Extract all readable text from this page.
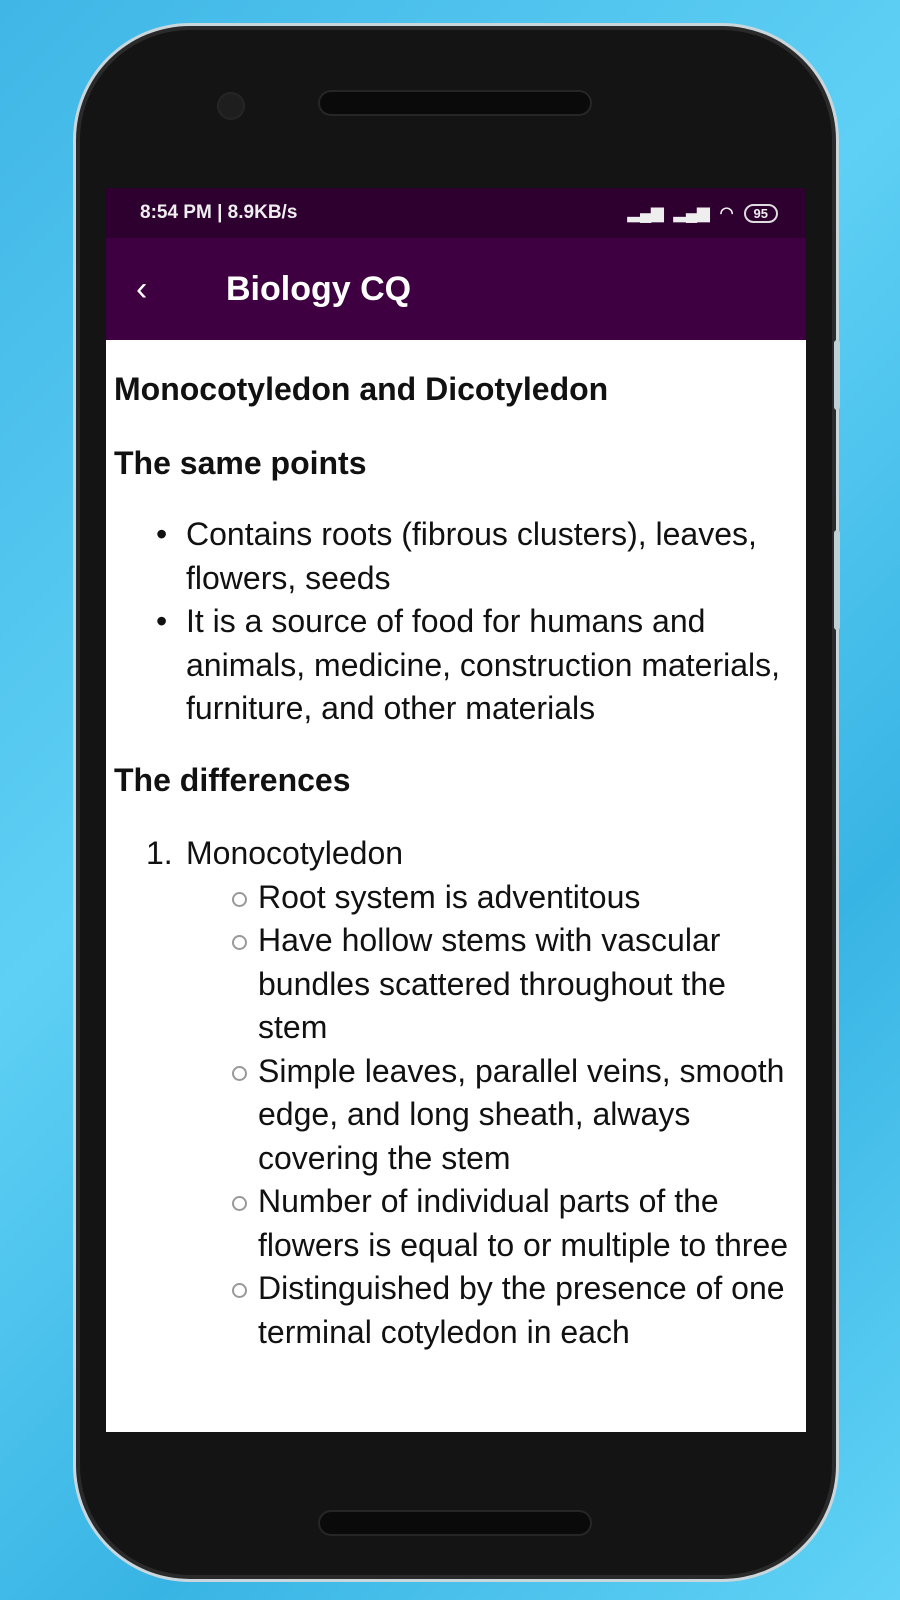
8:54 PM | 8.9KB/s	▂▄▆ ▂▄▆ ◠	95
‹	Biology CQ
Monocotyledon and Dicotyledon
The same points
• Contains roots (fibrous clusters), leaves, flowers, seeds
• It is a source of food for humans and animals, medicine, construction materials, furniture, and other materials
The differences
1. Monocotyledon
Root system is adventitous
Have hollow stems with vascular bundles scattered throughout the stem
Simple leaves, parallel veins, smooth edge, and long sheath, always covering the stem
Number of individual parts of the flowers is equal to or multiple to three
Distinguished by the presence of one terminal cotyledon in each
